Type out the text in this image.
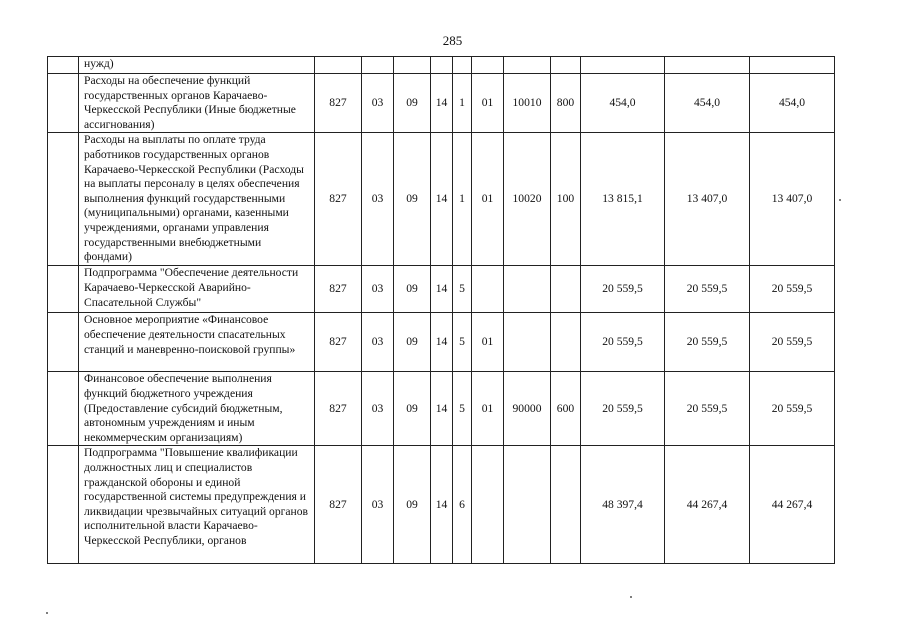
285
	нужд)											
	Расходы на обеспечение функций государственных органов Карачаево-Черкесской Республики (Иные бюджетные ассигнования)	827	03	09	14	1	01	10010	800	454,0	454,0	454,0
	Расходы на выплаты по оплате труда работников государственных органов Карачаево-Черкесской Республики (Расходы на выплаты персоналу в целях обеспечения выполнения функций государственными (муниципальными) органами, казенными учреждениями, органами управления государственными внебюджетными фондами)	827	03	09	14	1	01	10020	100	13 815,1	13 407,0	13 407,0
	Подпрограмма "Обеспечение деятельности Карачаево-Черкесской Аварийно-Спасательной Службы"	827	03	09	14	5				20 559,5	20 559,5	20 559,5
	Основное мероприятие «Финансовое обеспечение деятельности спасательных станций и маневренно-поисковой группы»	827	03	09	14	5	01			20 559,5	20 559,5	20 559,5
	Финансовое обеспечение выполнения функций бюджетного учреждения (Предоставление субсидий бюджетным, автономным учреждениям и иным некоммерческим организациям)	827	03	09	14	5	01	90000	600	20 559,5	20 559,5	20 559,5
	Подпрограмма "Повышение квалификации должностных лиц и специалистов гражданской обороны и единой государственной системы предупреждения и ликвидации чрезвычайных ситуаций органов исполнительной власти Карачаево-Черкесской Республики, органов	827	03	09	14	6				48 397,4	44 267,4	44 267,4
